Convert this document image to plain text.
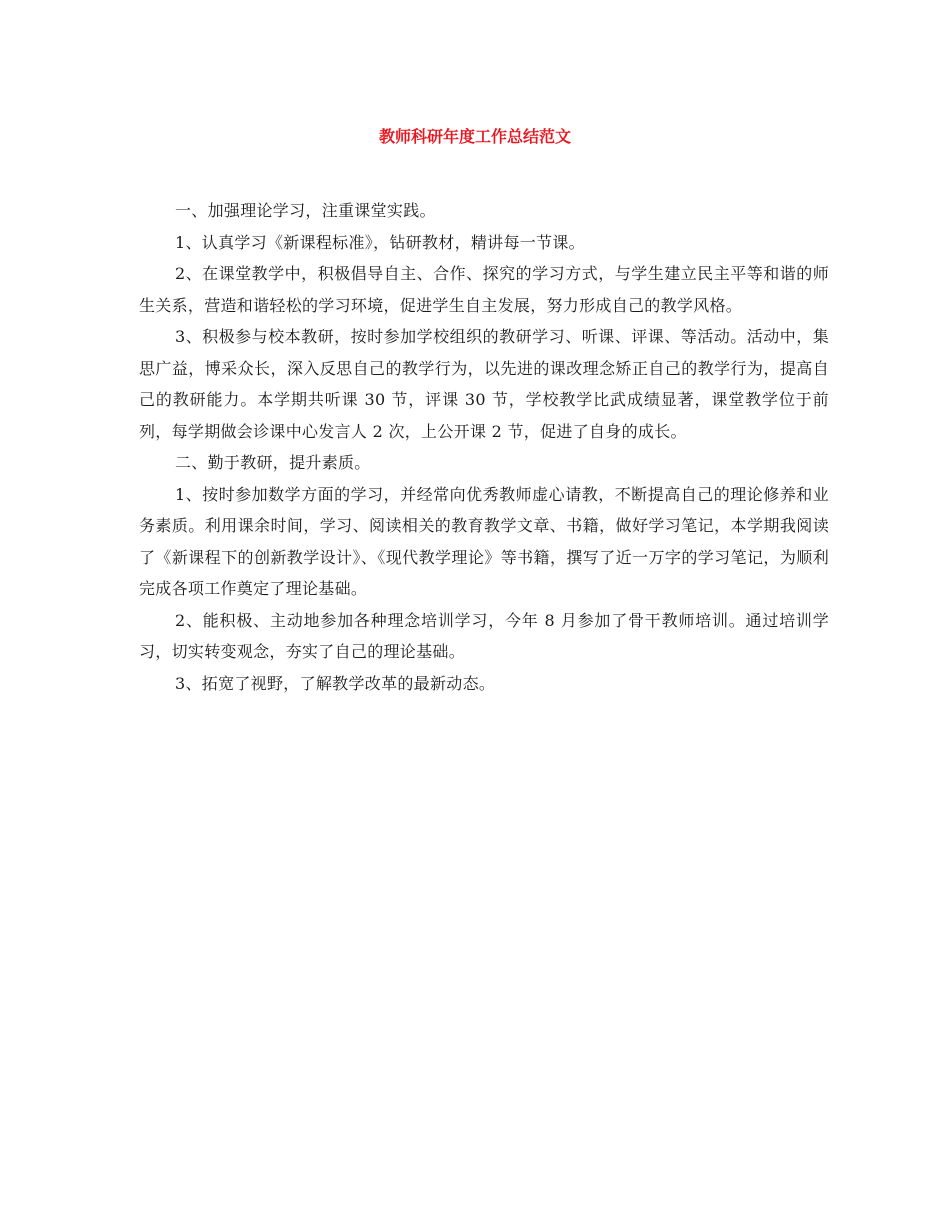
教师科研年度工作总结范文

一、加强理论学习，注重课堂实践。

1、认真学习《新课程标准》，钻研教材，精讲每一节课。

2、在课堂教学中，积极倡导自主、合作、探究的学习方式，与学生建立民主平等和谐的师生关系，营造和谐轻松的学习环境，促进学生自主发展，努力形成自己的教学风格。

3、积极参与校本教研，按时参加学校组织的教研学习、听课、评课、等活动。活动中，集思广益，博采众长，深入反思自己的教学行为，以先进的课改理念矫正自己的教学行为，提高自己的教研能力。本学期共听课 30 节，评课 30 节，学校教学比武成绩显著，课堂教学位于前列，每学期做会诊课中心发言人 2 次，上公开课 2 节，促进了自身的成长。

二、勤于教研，提升素质。

1、按时参加数学方面的学习，并经常向优秀教师虚心请教，不断提高自己的理论修养和业务素质。利用课余时间，学习、阅读相关的教育教学文章、书籍，做好学习笔记，本学期我阅读了《新课程下的创新教学设计》、《现代教学理论》等书籍，撰写了近一万字的学习笔记，为顺利完成各项工作奠定了理论基础。

2、能积极、主动地参加各种理念培训学习，今年 8 月参加了骨干教师培训。通过培训学习，切实转变观念，夯实了自己的理论基础。

3、拓宽了视野，了解教学改革的最新动态。
